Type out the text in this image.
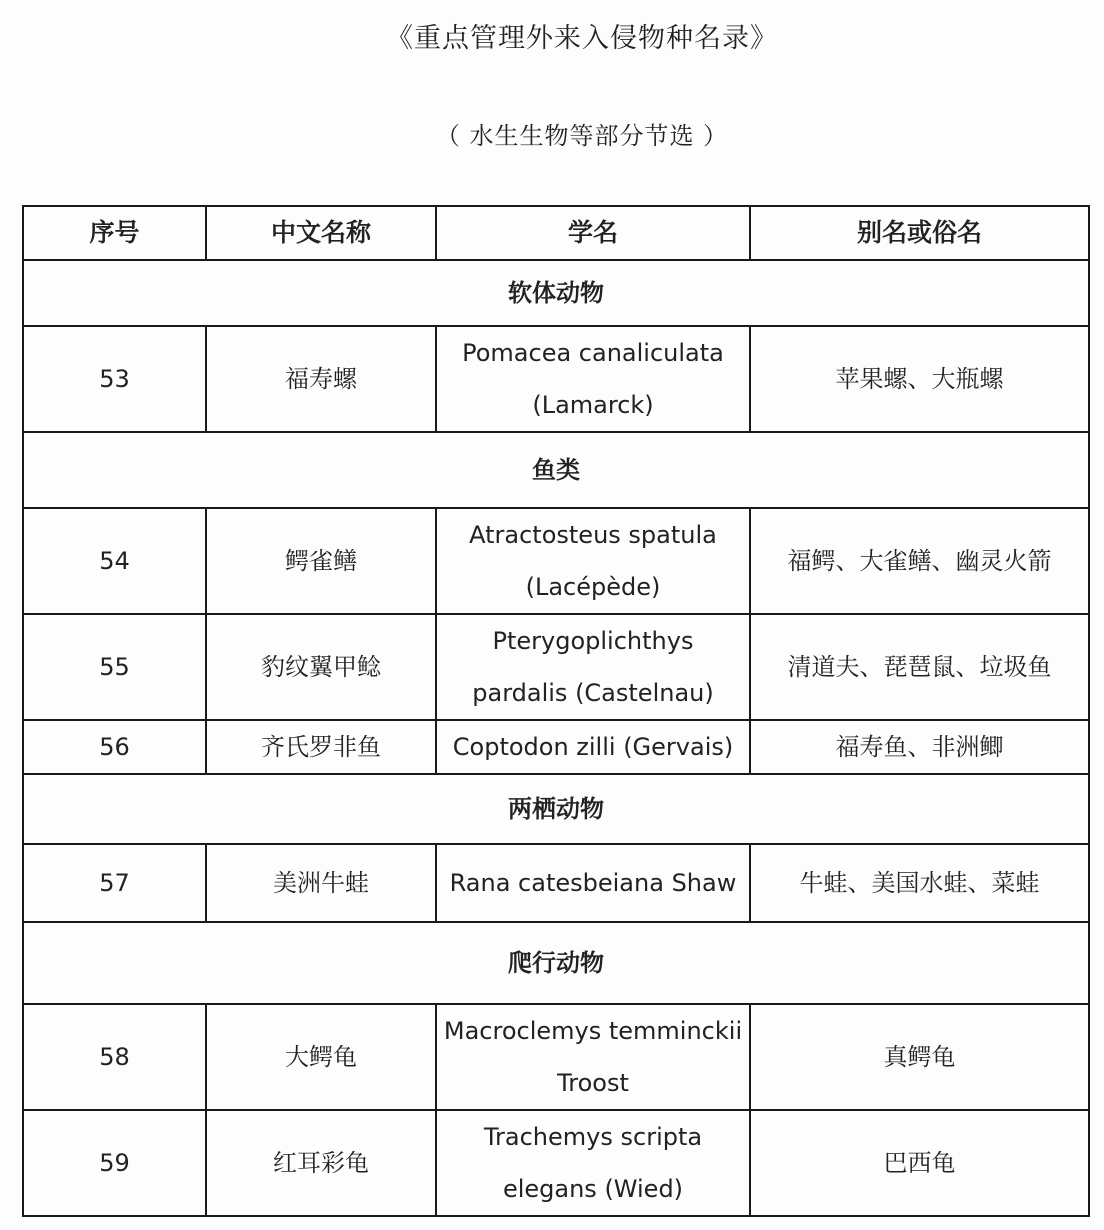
《重点管理外来入侵物种名录》
（ 水生生物等部分节选 ）
序号	中文名称	学名	别名或俗名
软体动物			
53	福寿螺	Pomacea canaliculata (Lamarck)	苹果螺、大瓶螺
鱼类			
54	鳄雀鳝	Atractosteus spatula (Lacépède)	福鳄、大雀鳝、幽灵火箭
55	豹纹翼甲鲶	Pterygoplichthys pardalis (Castelnau)	清道夫、琵琶鼠、垃圾鱼
56	齐氏罗非鱼	Coptodon zilli (Gervais)	福寿鱼、非洲鲫
两栖动物			
57	美洲牛蛙	Rana catesbeiana Shaw	牛蛙、美国水蛙、菜蛙
爬行动物			
58	大鳄龟	Macroclemys temminckii Troost	真鳄龟
59	红耳彩龟	Trachemys scripta elegans (Wied)	巴西龟
